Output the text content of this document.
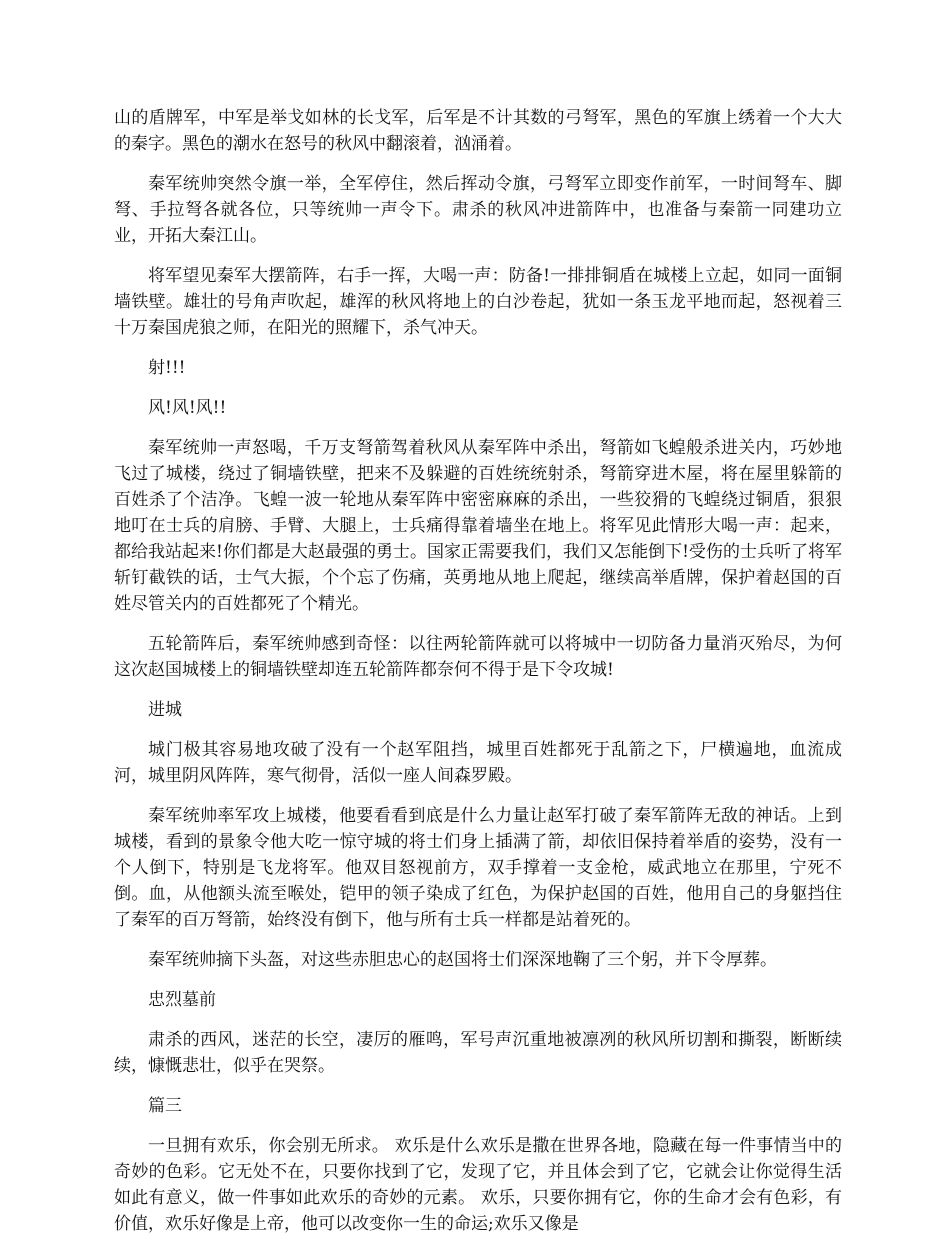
山的盾牌军，中军是举戈如林的长戈军，后军是不计其数的弓弩军，黑色的军旗上绣着一个大大的秦字。黑色的潮水在怒号的秋风中翻滚着，汹涌着。

秦军统帅突然令旗一举，全军停住，然后挥动令旗，弓弩军立即变作前军，一时间弩车、脚弩、手拉弩各就各位，只等统帅一声令下。肃杀的秋风冲进箭阵中，也准备与秦箭一同建功立业，开拓大秦江山。

将军望见秦军大摆箭阵，右手一挥，大喝一声：防备!一排排铜盾在城楼上立起，如同一面铜墙铁壁。雄壮的号角声吹起，雄浑的秋风将地上的白沙卷起，犹如一条玉龙平地而起，怒视着三十万秦国虎狼之师，在阳光的照耀下，杀气冲天。

射!!!

风!风!风!!

秦军统帅一声怒喝，千万支弩箭驾着秋风从秦军阵中杀出，弩箭如飞蝗般杀进关内，巧妙地飞过了城楼，绕过了铜墙铁壁，把来不及躲避的百姓统统射杀，弩箭穿进木屋，将在屋里躲箭的百姓杀了个洁净。飞蝗一波一轮地从秦军阵中密密麻麻的杀出，一些狡猾的飞蝗绕过铜盾，狠狠地叮在士兵的肩膀、手臂、大腿上，士兵痛得靠着墙坐在地上。将军见此情形大喝一声：起来，都给我站起来!你们都是大赵最强的勇士。国家正需要我们，我们又怎能倒下!受伤的士兵听了将军斩钉截铁的话，士气大振，个个忘了伤痛，英勇地从地上爬起，继续高举盾牌，保护着赵国的百姓尽管关内的百姓都死了个精光。

五轮箭阵后，秦军统帅感到奇怪：以往两轮箭阵就可以将城中一切防备力量消灭殆尽，为何这次赵国城楼上的铜墙铁壁却连五轮箭阵都奈何不得于是下令攻城!

进城

城门极其容易地攻破了没有一个赵军阻挡，城里百姓都死于乱箭之下，尸横遍地，血流成河，城里阴风阵阵，寒气彻骨，活似一座人间森罗殿。

秦军统帅率军攻上城楼，他要看看到底是什么力量让赵军打破了秦军箭阵无敌的神话。上到城楼，看到的景象令他大吃一惊守城的将士们身上插满了箭，却依旧保持着举盾的姿势，没有一个人倒下，特别是飞龙将军。他双目怒视前方，双手撑着一支金枪，威武地立在那里，宁死不倒。血，从他额头流至喉处，铠甲的领子染成了红色，为保护赵国的百姓，他用自己的身躯挡住了秦军的百万弩箭，始终没有倒下，他与所有士兵一样都是站着死的。

秦军统帅摘下头盔，对这些赤胆忠心的赵国将士们深深地鞠了三个躬，并下令厚葬。

忠烈墓前

肃杀的西风，迷茫的长空，凄厉的雁鸣，军号声沉重地被凛冽的秋风所切割和撕裂，断断续续，慷慨悲壮，似乎在哭祭。

篇三

一旦拥有欢乐，你会别无所求。 欢乐是什么欢乐是撒在世界各地，隐藏在每一件事情当中的奇妙的色彩。它无处不在，只要你找到了它，发现了它，并且体会到了它，它就会让你觉得生活如此有意义，做一件事如此欢乐的奇妙的元素。 欢乐，只要你拥有它，你的生命才会有色彩，有价值，欢乐好像是上帝，他可以改变你一生的命运;欢乐又像是
